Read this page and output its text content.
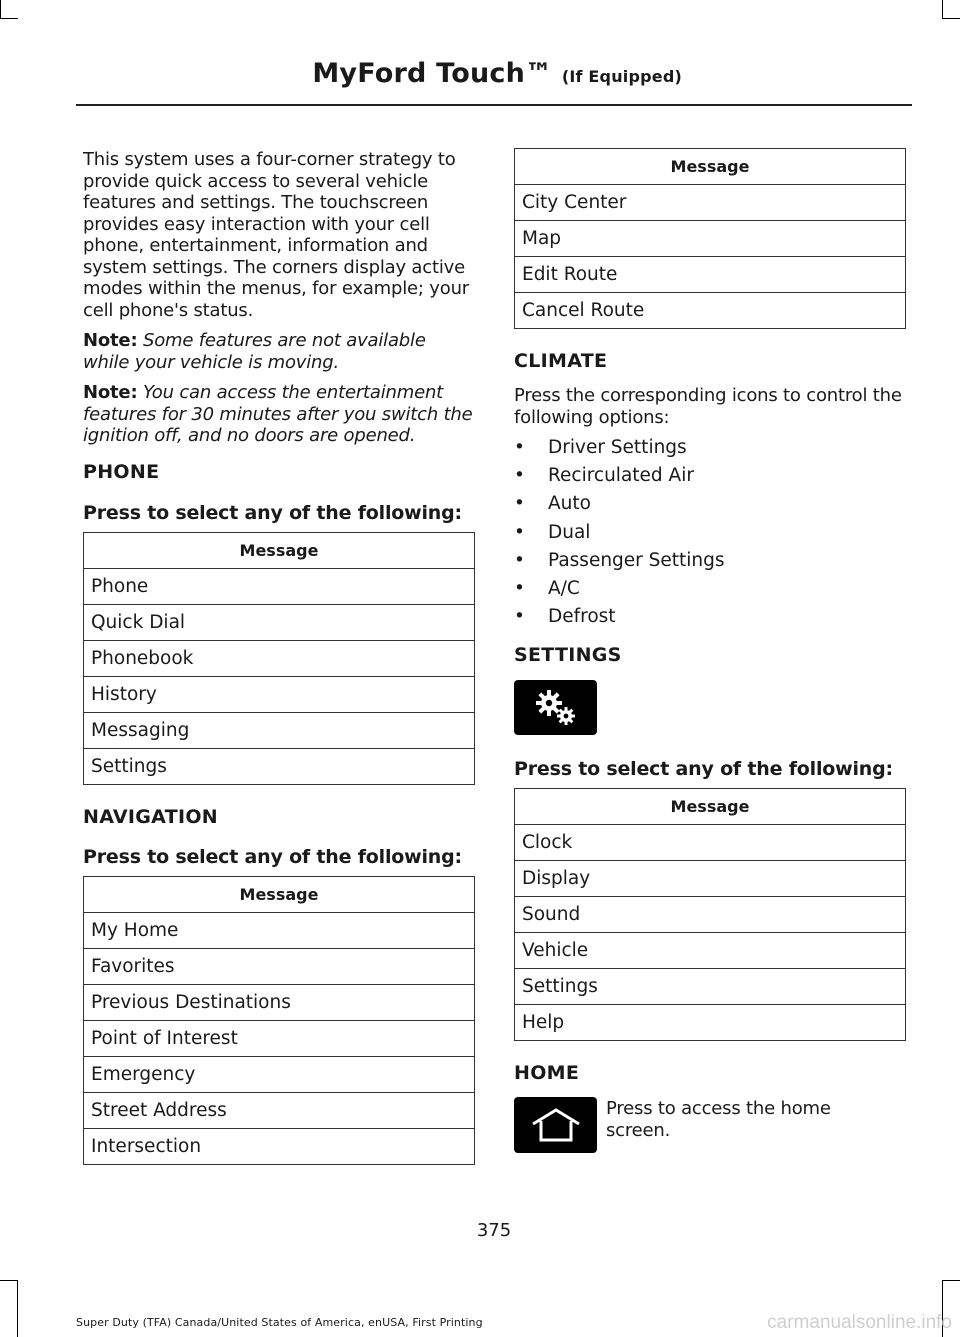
MyFord Touch™ (If Equipped)

This system uses a four-corner strategy to provide quick access to several vehicle features and settings. The touchscreen provides easy interaction with your cell phone, entertainment, information and system settings. The corners display active modes within the menus, for example; your cell phone's status.

Note: Some features are not available while your vehicle is moving.

Note: You can access the entertainment features for 30 minutes after you switch the ignition off, and no doors are opened.

PHONE

Press to select any of the following:

Message
Phone
Quick Dial
Phonebook
History
Messaging
Settings
NAVIGATION

Press to select any of the following:

Message
My Home
Favorites
Previous Destinations
Point of Interest
Emergency
Street Address
Intersection
Message
City Center
Map
Edit Route
Cancel Route
CLIMATE

Press the corresponding icons to control the following options:

• Driver Settings
• Recirculated Air
• Auto
• Dual
• Passenger Settings
• A/C
• Defrost
SETTINGS

Press to select any of the following:

Message
Clock
Display
Sound
Vehicle
Settings
Help
HOME

Press to access the home screen.

375
Super Duty (TFA) Canada/United States of America, enUSA, First Printing	carmanualsonline.info
